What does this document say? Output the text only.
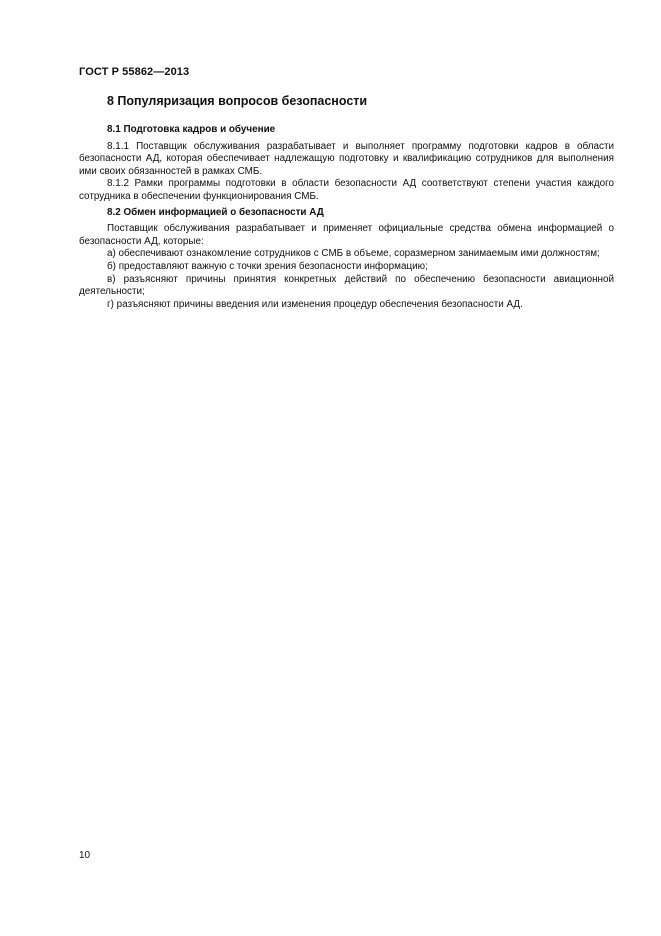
ГОСТ Р 55862—2013
8 Популяризация вопросов безопасности

8.1 Подготовка кадров и обучение

8.1.1 Поставщик обслуживания разрабатывает и выполняет программу подготовки кадров в области безопасности АД, которая обеспечивает надлежащую подготовку и квалификацию сотрудников для выполнения ими своих обязанностей в рамках СМБ.

8.1.2 Рамки программы подготовки в области безопасности АД соответствуют степени участия каждого сотрудника в обеспечении функционирования СМБ.

8.2 Обмен информацией о безопасности АД

Поставщик обслуживания разрабатывает и применяет официальные средства обмена информацией о безопасности АД, которые:

а) обеспечивают ознакомление сотрудников с СМБ в объеме, соразмерном занимаемым ими должностям;

б) предоставляют важную с точки зрения безопасности информацию;

в) разъясняют причины принятия конкретных действий по обеспечению безопасности авиационной деятельности;

г) разъясняют причины введения или изменения процедур обеспечения безопасности АД.

10
